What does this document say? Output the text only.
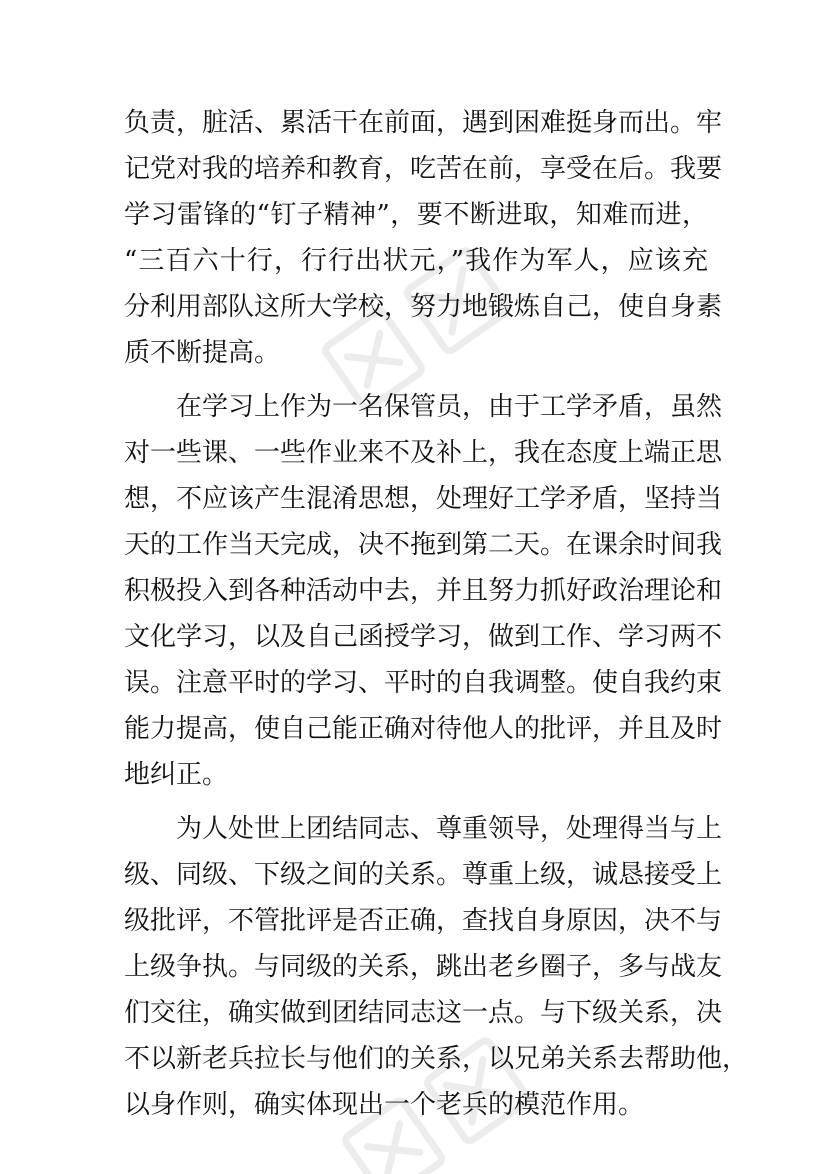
负责，脏活、累活干在前面，遇到困难挺身而出。牢
记党对我的培养和教育，吃苦在前，享受在后。我要
学习雷锋的“钉子精神”，要不断进取，知难而进，
“三百六十行，行行出状元，”我作为军人，应该充
分利用部队这所大学校，努力地锻炼自己，使自身素
质不断提高。
　　在学习上作为一名保管员，由于工学矛盾，虽然
对一些课、一些作业来不及补上，我在态度上端正思
想，不应该产生混淆思想，处理好工学矛盾，坚持当
天的工作当天完成，决不拖到第二天。在课余时间我
积极投入到各种活动中去，并且努力抓好政治理论和
文化学习，以及自己函授学习，做到工作、学习两不
误。注意平时的学习、平时的自我调整。使自我约束
能力提高，使自己能正确对待他人的批评，并且及时
地纠正。
　　为人处世上团结同志、尊重领导，处理得当与上
级、同级、下级之间的关系。尊重上级，诚恳接受上
级批评，不管批评是否正确，查找自身原因，决不与
上级争执。与同级的关系，跳出老乡圈子，多与战友
们交往，确实做到团结同志这一点。与下级关系，决
不以新老兵拉长与他们的关系，以兄弟关系去帮助他，
以身作则，确实体现出一个老兵的模范作用。
